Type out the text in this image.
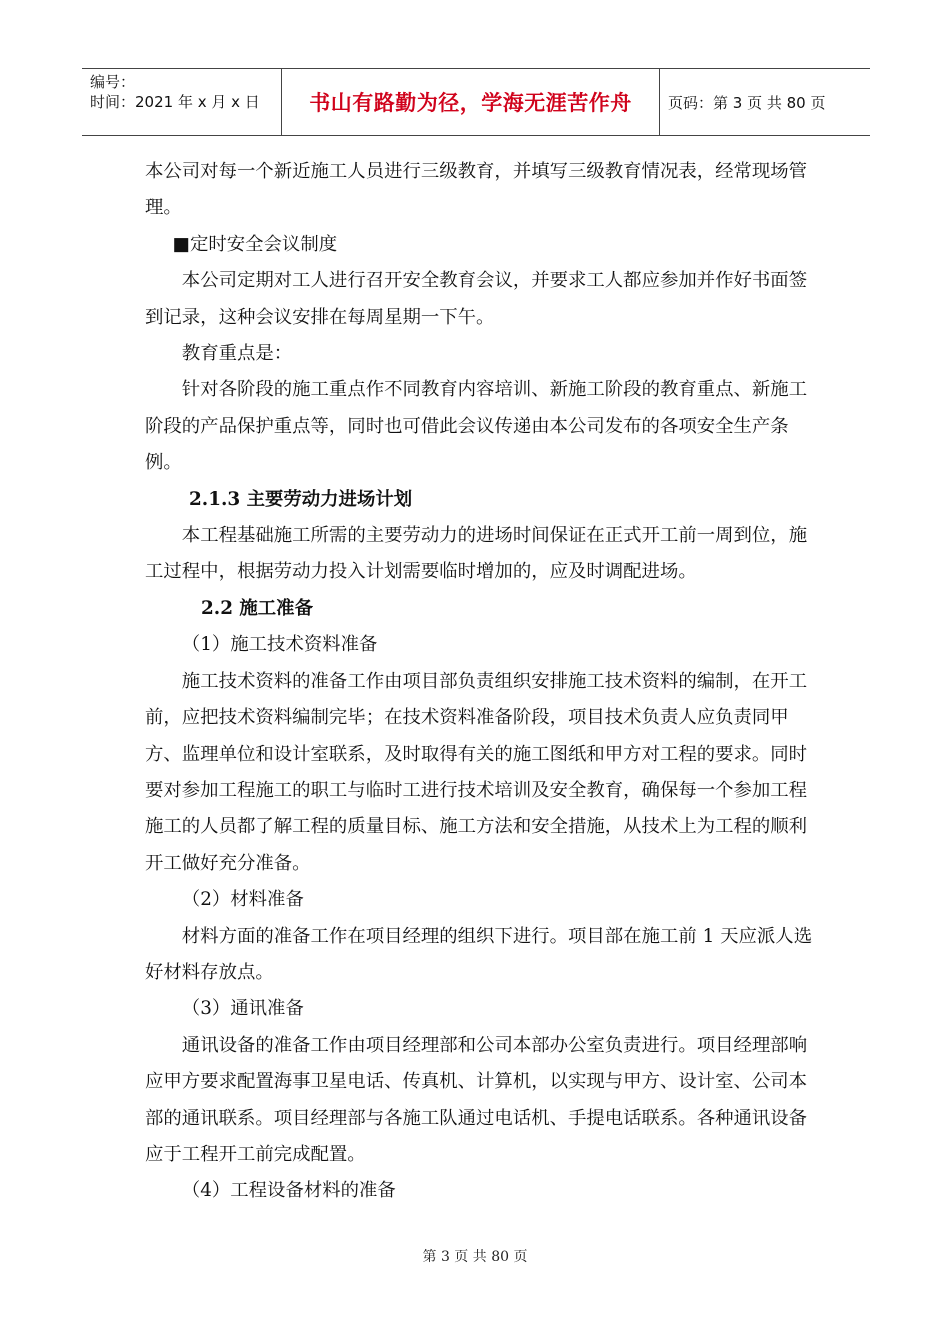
编号：
时间：2021 年 x 月 x 日	书山有路勤为径，学海无涯苦作舟	页码：第 3 页 共 80 页

本公司对每一个新近施工人员进行三级教育，并填写三级教育情况表，经常现场管理。

■定时安全会议制度

本公司定期对工人进行召开安全教育会议，并要求工人都应参加并作好书面签到记录，这种会议安排在每周星期一下午。

教育重点是：

针对各阶段的施工重点作不同教育内容培训、新施工阶段的教育重点、新施工阶段的产品保护重点等，同时也可借此会议传递由本公司发布的各项安全生产条例。

2.1.3 主要劳动力进场计划

本工程基础施工所需的主要劳动力的进场时间保证在正式开工前一周到位，施工过程中，根据劳动力投入计划需要临时增加的，应及时调配进场。

2.2 施工准备

（1）施工技术资料准备

施工技术资料的准备工作由项目部负责组织安排施工技术资料的编制，在开工前，应把技术资料编制完毕；在技术资料准备阶段，项目技术负责人应负责同甲方、监理单位和设计室联系，及时取得有关的施工图纸和甲方对工程的要求。同时要对参加工程施工的职工与临时工进行技术培训及安全教育，确保每一个参加工程施工的人员都了解工程的质量目标、施工方法和安全措施，从技术上为工程的顺利开工做好充分准备。

（2）材料准备

材料方面的准备工作在项目经理的组织下进行。项目部在施工前 1 天应派人选好材料存放点。

（3）通讯准备

通讯设备的准备工作由项目经理部和公司本部办公室负责进行。项目经理部响应甲方要求配置海事卫星电话、传真机、计算机，以实现与甲方、设计室、公司本部的通讯联系。项目经理部与各施工队通过电话机、手提电话联系。各种通讯设备应于工程开工前完成配置。

（4）工程设备材料的准备

第 3 页 共 80 页
